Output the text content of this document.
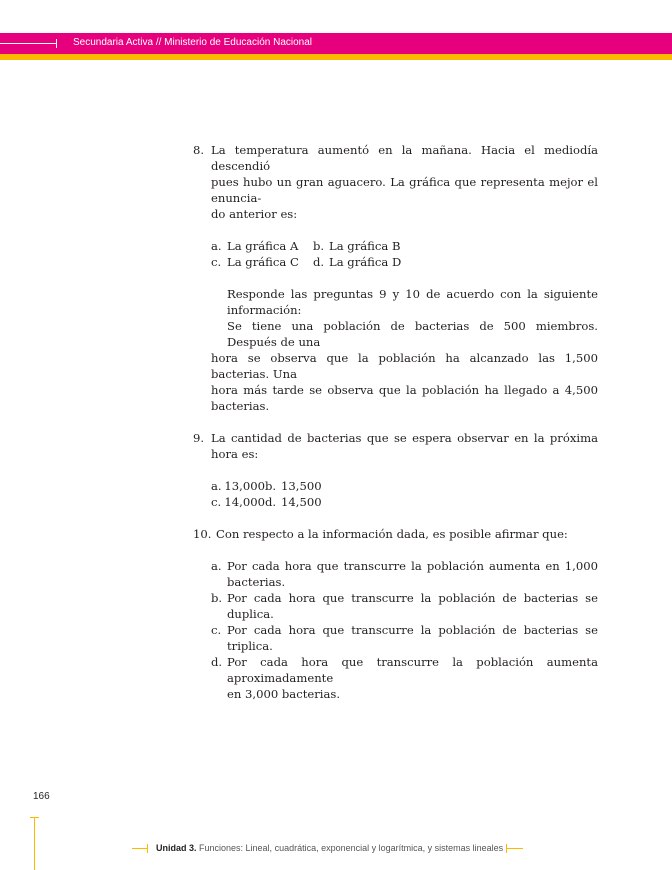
Secundaria Activa // Ministerio de Educación Nacional
8. La temperatura aumentó en la mañana. Hacia el mediodía descendió
pues hubo un gran aguacero. La gráfica que representa mejor el enuncia-
do anterior es:
a. La gráfica A b. La gráfica B
c. La gráfica C d. La gráfica D
Responde las preguntas 9 y 10 de acuerdo con la siguiente información:
Se tiene una población de bacterias de 500 miembros. Después de una
hora se observa que la población ha alcanzado las 1,500 bacterias. Una
hora más tarde se observa que la población ha llegado a 4,500 bacterias.
9. La cantidad de bacterias que se espera observar en la próxima hora es:
a. 13,000 b. 13,500
c. 14,000 d. 14,500
10. Con respecto a la información dada, es posible afirmar que:
a. Por cada hora que transcurre la población aumenta en 1,000 bacterias.
b. Por cada hora que transcurre la población de bacterias se duplica.
c. Por cada hora que transcurre la población de bacterias se triplica.
d. Por cada hora que transcurre la población aumenta aproximadamente
en 3,000 bacterias.
166
Unidad 3. Funciones: Lineal, cuadrática, exponencial y logarítmica, y sistemas lineales
